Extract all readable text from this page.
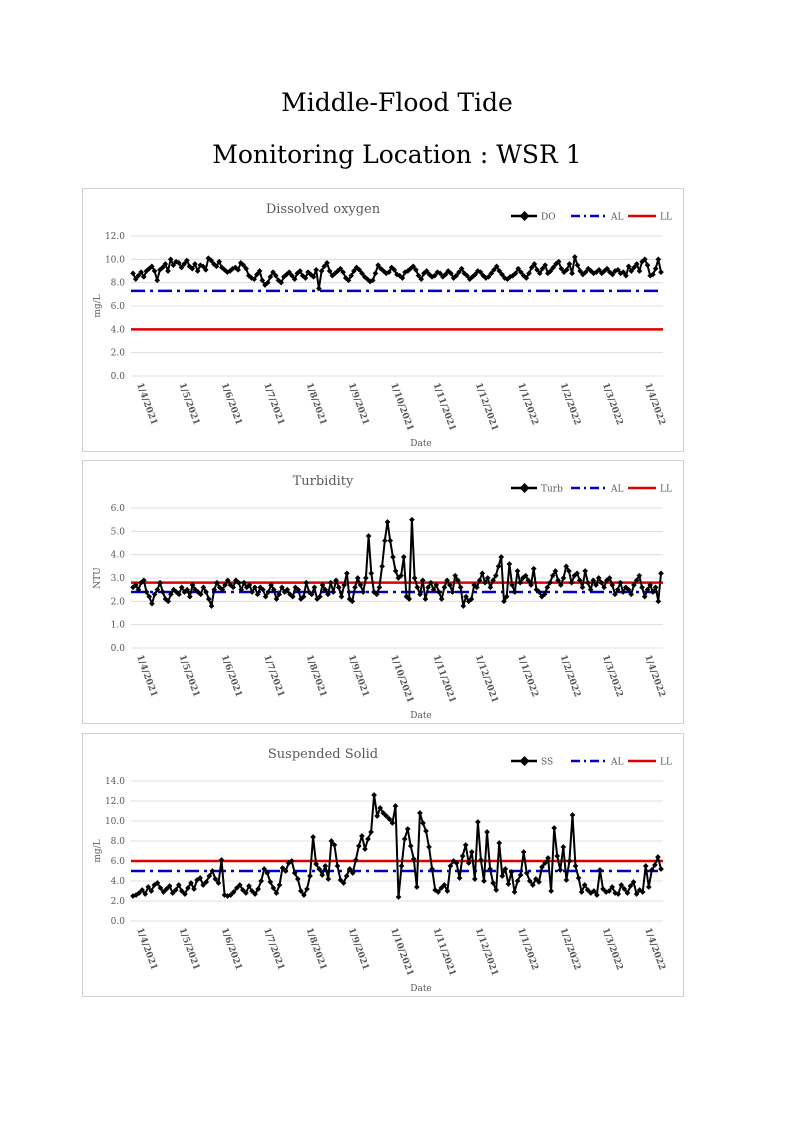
Middle-Flood Tide
Monitoring Location : WSR 1
Dissolved oxygen
DO	AL	LL
0.0
2.0
4.0
6.0
8.0
10.0
12.0
mg/L
1/4/2021 1/5/2021 1/6/2021 1/7/2021 1/8/2021 1/9/2021 1/10/2021 1/11/2021 1/12/2021 1/1/2022 1/2/2022 1/3/2022 1/4/2022
Date
Turbidity
Turb	AL	LL
0.0
1.0
2.0
3.0
4.0
5.0
6.0
NTU
1/4/2021 1/5/2021 1/6/2021 1/7/2021 1/8/2021 1/9/2021 1/10/2021 1/11/2021 1/12/2021 1/1/2022 1/2/2022 1/3/2022 1/4/2022
Date
Suspended Solid
SS	AL	LL
0.0
2.0
4.0
6.0
8.0
10.0
12.0
14.0
mg/L
1/4/2021 1/5/2021 1/6/2021 1/7/2021 1/8/2021 1/9/2021 1/10/2021 1/11/2021 1/12/2021 1/1/2022 1/2/2022 1/3/2022 1/4/2022
Date
